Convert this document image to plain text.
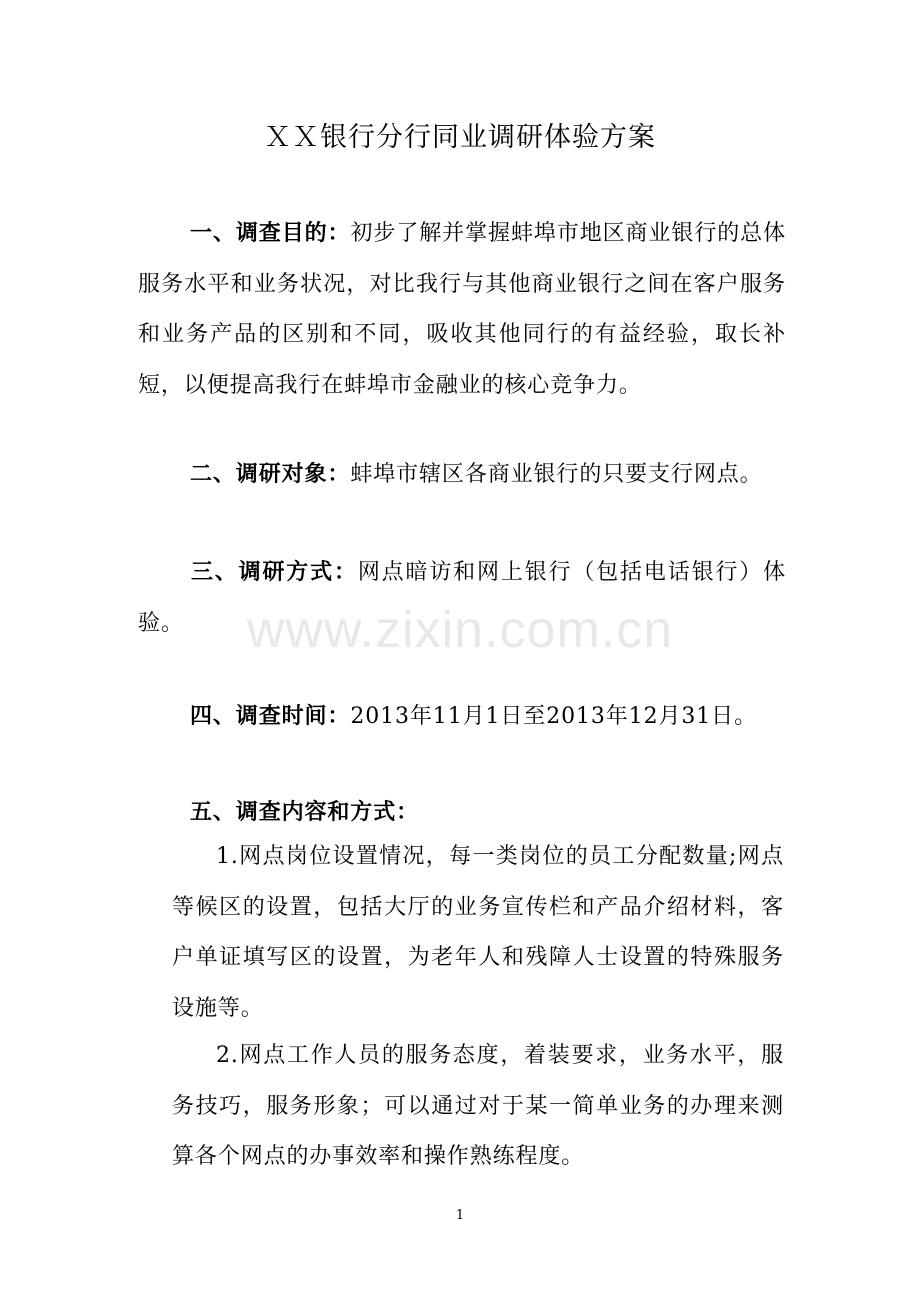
ＸＸ银行分行同业调研体验方案
一、调查目的：初步了解并掌握蚌埠市地区商业银行的总体服务水平和业务状况，对比我行与其他商业银行之间在客户服务和业务产品的区别和不同，吸收其他同行的有益经验，取长补短，以便提高我行在蚌埠市金融业的核心竞争力。
二、调研对象：蚌埠市辖区各商业银行的只要支行网点。
三、调研方式：网点暗访和网上银行（包括电话银行）体验。
四、调查时间：2013年11月1日至2013年12月31日。
五、调查内容和方式：
1.网点岗位设置情况，每一类岗位的员工分配数量;网点等候区的设置，包括大厅的业务宣传栏和产品介绍材料，客户单证填写区的设置，为老年人和残障人士设置的特殊服务设施等。
2.网点工作人员的服务态度，着装要求，业务水平，服务技巧，服务形象；可以通过对于某一简单业务的办理来测算各个网点的办事效率和操作熟练程度。
www.zixin.com.cn
1
